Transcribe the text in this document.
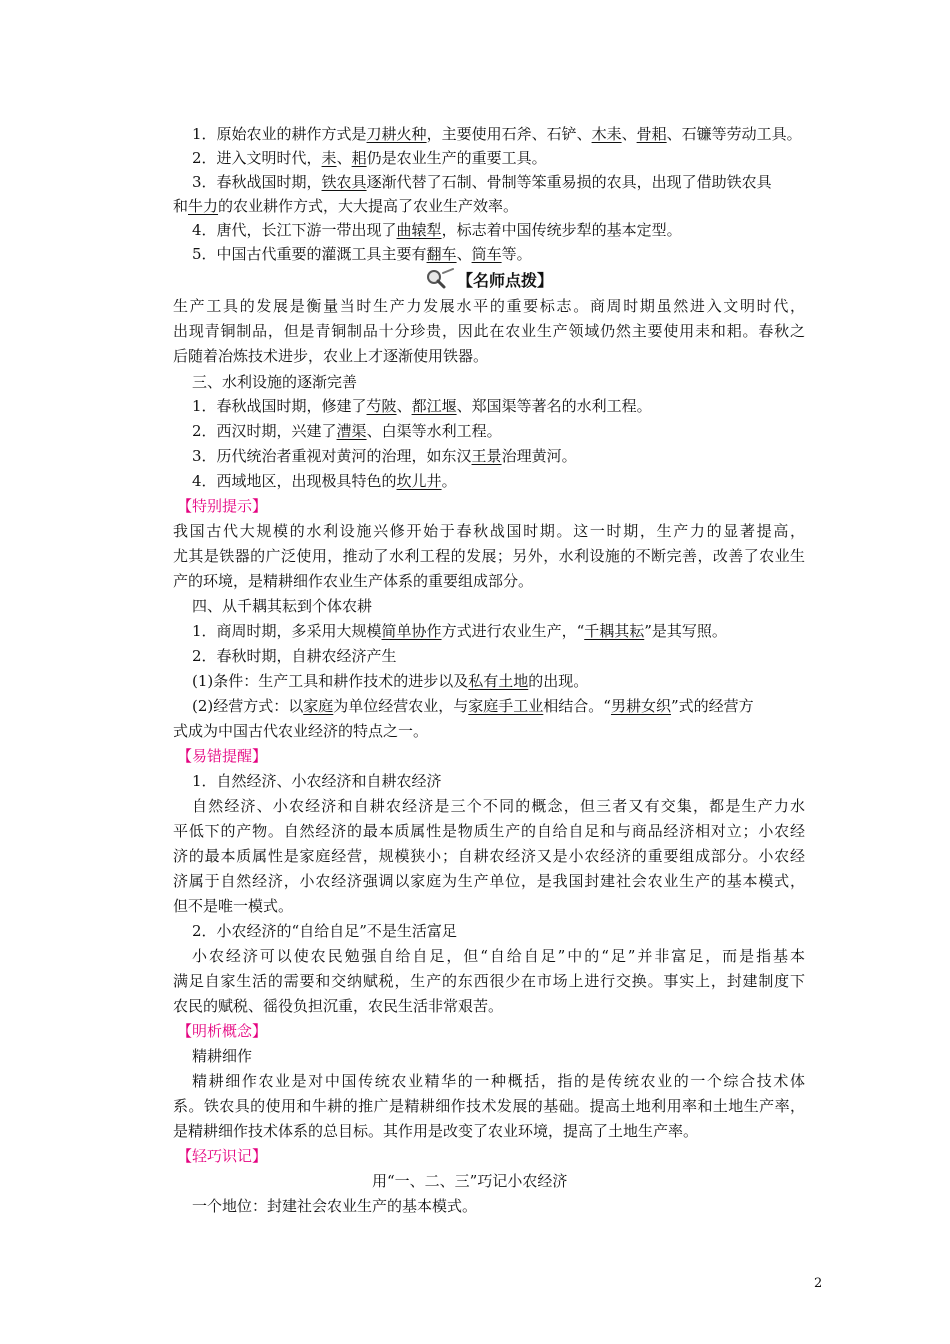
1．原始农业的耕作方式是刀耕火种，主要使用石斧、石铲、木耒、骨耜、石镰等劳动工具。
2．进入文明时代，耒、耜仍是农业生产的重要工具。
3．春秋战国时期，铁农具逐渐代替了石制、骨制等笨重易损的农具，出现了借助铁农具
和牛力的农业耕作方式，大大提高了农业生产效率。
4．唐代，长江下游一带出现了曲辕犁，标志着中国传统步犁的基本定型。
5．中国古代重要的灌溉工具主要有翻车、筒车等。
【名师点拨】
生产工具的发展是衡量当时生产力发展水平的重要标志。商周时期虽然进入文明时代，
出现青铜制品，但是青铜制品十分珍贵，因此在农业生产领域仍然主要使用耒和耜。春秋之
后随着冶炼技术进步，农业上才逐渐使用铁器。
三、水利设施的逐渐完善
1．春秋战国时期，修建了芍陂、都江堰、郑国渠等著名的水利工程。
2．西汉时期，兴建了漕渠、白渠等水利工程。
3．历代统治者重视对黄河的治理，如东汉王景治理黄河。
4．西域地区，出现极具特色的坎儿井。
【特别提示】
我国古代大规模的水利设施兴修开始于春秋战国时期。这一时期，生产力的显著提高，
尤其是铁器的广泛使用，推动了水利工程的发展；另外，水利设施的不断完善，改善了农业生
产的环境，是精耕细作农业生产体系的重要组成部分。
四、从千耦其耘到个体农耕
1．商周时期，多采用大规模简单协作方式进行农业生产，“千耦其耘”是其写照。
2．春秋时期，自耕农经济产生
(1)条件：生产工具和耕作技术的进步以及私有土地的出现。
(2)经营方式：以家庭为单位经营农业，与家庭手工业相结合。“男耕女织”式的经营方
式成为中国古代农业经济的特点之一。
【易错提醒】
1．自然经济、小农经济和自耕农经济
自然经济、小农经济和自耕农经济是三个不同的概念，但三者又有交集，都是生产力水
平低下的产物。自然经济的最本质属性是物质生产的自给自足和与商品经济相对立；小农经
济的最本质属性是家庭经营，规模狭小；自耕农经济又是小农经济的重要组成部分。小农经
济属于自然经济，小农经济强调以家庭为生产单位，是我国封建社会农业生产的基本模式，
但不是唯一模式。
2．小农经济的“自给自足”不是生活富足
小农经济可以使农民勉强自给自足，但“自给自足”中的“足”并非富足，而是指基本
满足自家生活的需要和交纳赋税，生产的东西很少在市场上进行交换。事实上，封建制度下
农民的赋税、徭役负担沉重，农民生活非常艰苦。
【明析概念】
精耕细作
精耕细作农业是对中国传统农业精华的一种概括，指的是传统农业的一个综合技术体
系。铁农具的使用和牛耕的推广是精耕细作技术发展的基础。提高土地利用率和土地生产率，
是精耕细作技术体系的总目标。其作用是改变了农业环境，提高了土地生产率。
【轻巧识记】
用“一、二、三”巧记小农经济
一个地位：封建社会农业生产的基本模式。
2
